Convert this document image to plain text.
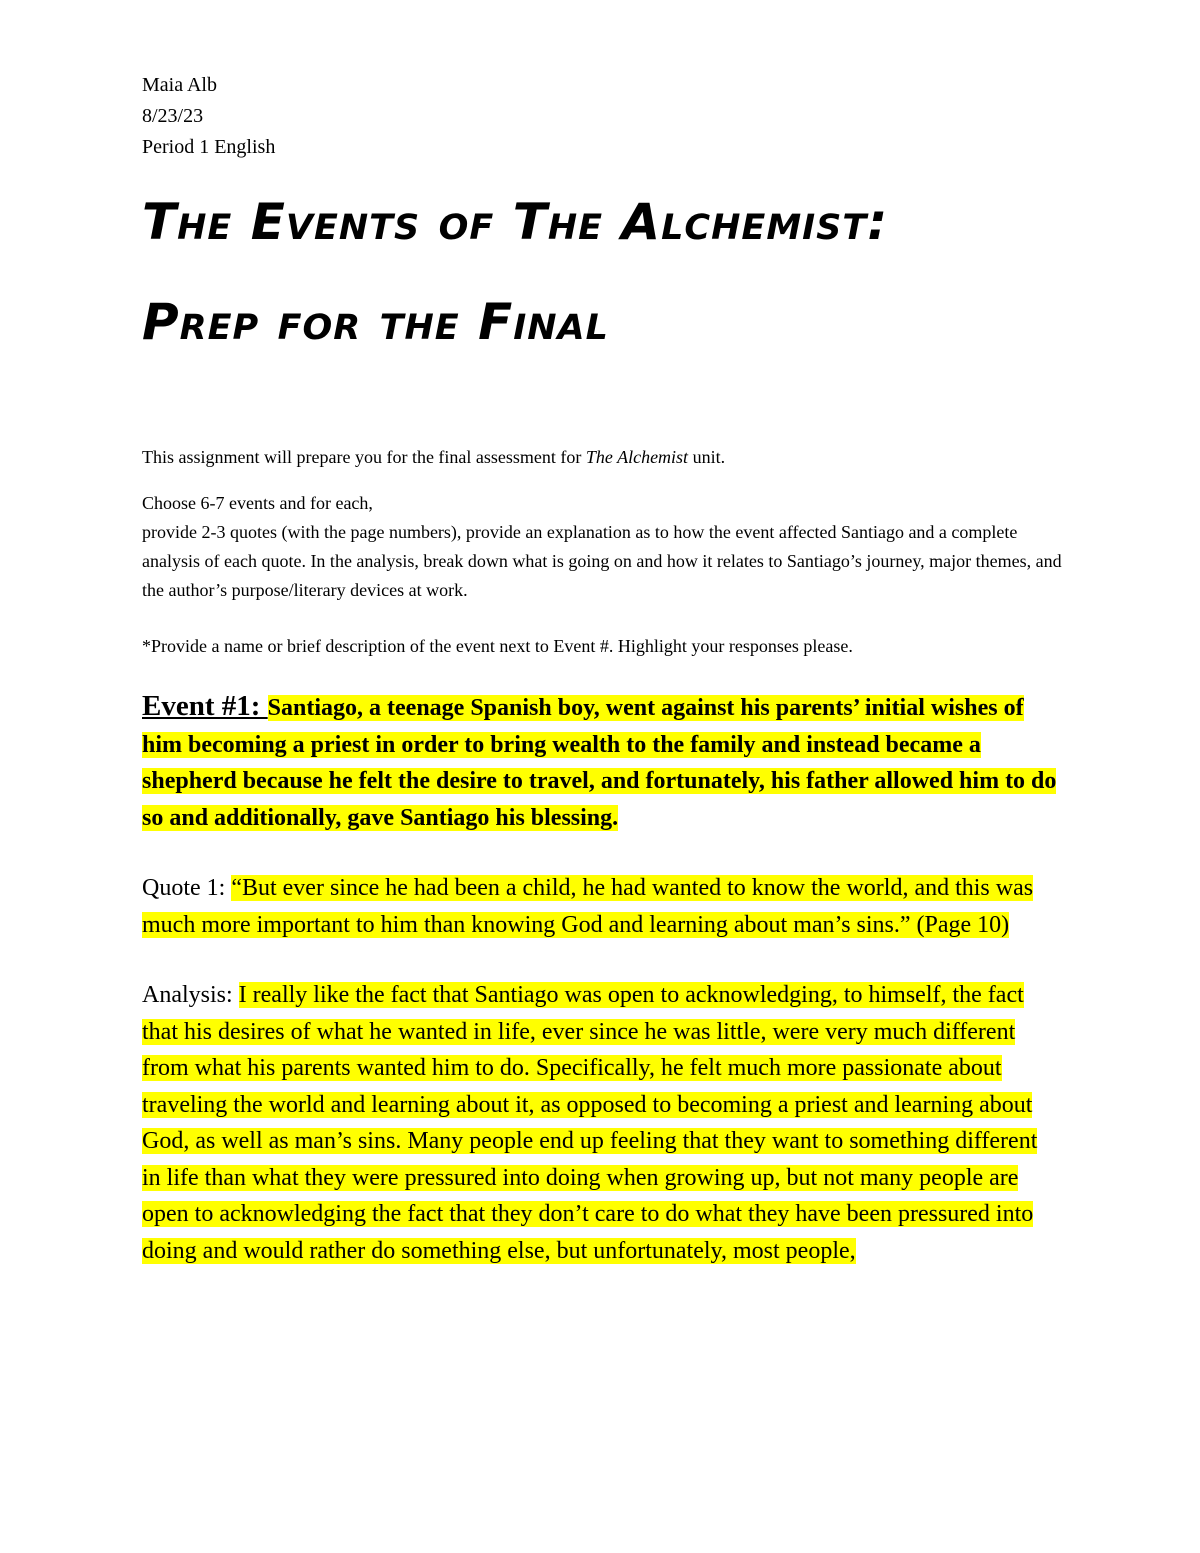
Maia Alb

8/23/23

Period 1 English

The Events of The Alchemist:

Prep for the Final

This assignment will prepare you for the final assessment for The Alchemist unit.

Choose 6-7 events and for each,
provide 2-3 quotes (with the page numbers), provide an explanation as to how the event affected Santiago and a complete analysis of each quote. In the analysis, break down what is going on and how it relates to Santiago’s journey, major themes, and the author’s purpose/literary devices at work.

*Provide a name or brief description of the event next to Event #. Highlight your responses please.

Event #1: Santiago, a teenage Spanish boy, went against his parents’ initial wishes of him becoming a priest in order to bring wealth to the family and instead became a shepherd because he felt the desire to travel, and fortunately, his father allowed him to do so and additionally, gave Santiago his blessing.

Quote 1: “But ever since he had been a child, he had wanted to know the world, and this was much more important to him than knowing God and learning about man’s sins.” (Page 10)

Analysis: I really like the fact that Santiago was open to acknowledging, to himself, the fact that his desires of what he wanted in life, ever since he was little, were very much different from what his parents wanted him to do. Specifically, he felt much more passionate about traveling the world and learning about it, as opposed to becoming a priest and learning about God, as well as man’s sins. Many people end up feeling that they want to something different in life than what they were pressured into doing when growing up, but not many people are open to acknowledging the fact that they don’t care to do what they have been pressured into doing and would rather do something else, but unfortunately, most people,
